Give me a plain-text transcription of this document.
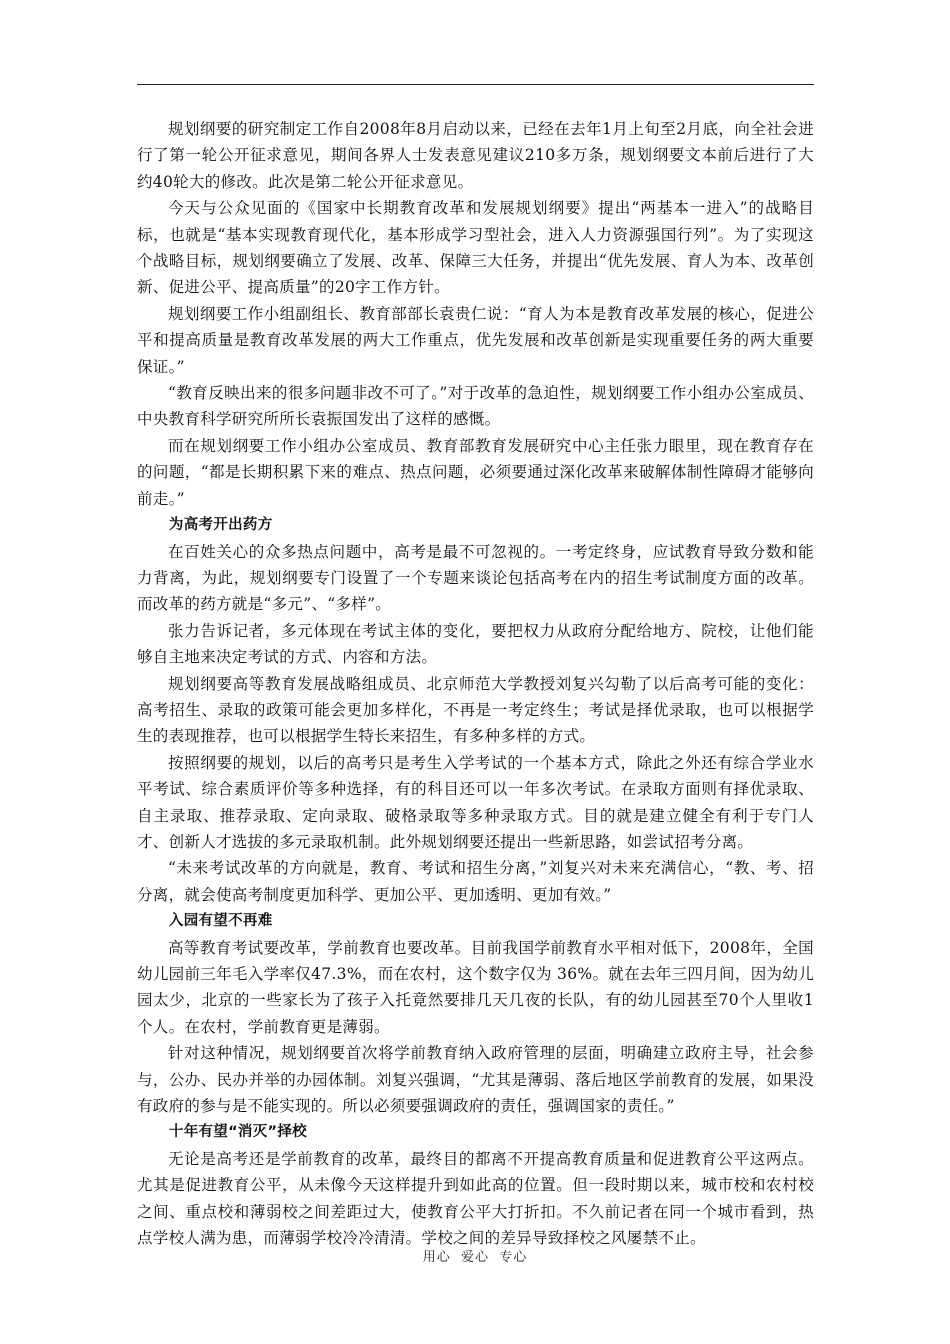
规划纲要的研究制定工作自2008年8月启动以来，已经在去年1月上旬至2月底，向全社会进行了第一轮公开征求意见，期间各界人士发表意见建议210多万条，规划纲要文本前后进行了大约40轮大的修改。此次是第二轮公开征求意见。

今天与公众见面的《国家中长期教育改革和发展规划纲要》提出“两基本一进入”的战略目标，也就是“基本实现教育现代化，基本形成学习型社会，进入人力资源强国行列”。为了实现这个战略目标，规划纲要确立了发展、改革、保障三大任务，并提出“优先发展、育人为本、改革创新、促进公平、提高质量”的20字工作方针。

规划纲要工作小组副组长、教育部部长袁贵仁说：“育人为本是教育改革发展的核心，促进公平和提高质量是教育改革发展的两大工作重点，优先发展和改革创新是实现重要任务的两大重要保证。”

“教育反映出来的很多问题非改不可了。”对于改革的急迫性，规划纲要工作小组办公室成员、中央教育科学研究所所长袁振国发出了这样的感慨。

而在规划纲要工作小组办公室成员、教育部教育发展研究中心主任张力眼里，现在教育存在的问题，“都是长期积累下来的难点、热点问题，必须要通过深化改革来破解体制性障碍才能够向前走。”

为高考开出药方

在百姓关心的众多热点问题中，高考是最不可忽视的。一考定终身，应试教育导致分数和能力背离，为此，规划纲要专门设置了一个专题来谈论包括高考在内的招生考试制度方面的改革。而改革的药方就是“多元”、“多样”。

张力告诉记者，多元体现在考试主体的变化，要把权力从政府分配给地方、院校，让他们能够自主地来决定考试的方式、内容和方法。

规划纲要高等教育发展战略组成员、北京师范大学教授刘复兴勾勒了以后高考可能的变化：高考招生、录取的政策可能会更加多样化，不再是一考定终生；考试是择优录取，也可以根据学生的表现推荐，也可以根据学生特长来招生，有多种多样的方式。

按照纲要的规划，以后的高考只是考生入学考试的一个基本方式，除此之外还有综合学业水平考试、综合素质评价等多种选择，有的科目还可以一年多次考试。在录取方面则有择优录取、自主录取、推荐录取、定向录取、破格录取等多种录取方式。目的就是建立健全有利于专门人才、创新人才选拔的多元录取机制。此外规划纲要还提出一些新思路，如尝试招考分离。

“未来考试改革的方向就是，教育、考试和招生分离，”刘复兴对未来充满信心，“教、考、招分离，就会使高考制度更加科学、更加公平、更加透明、更加有效。”

入园有望不再难

高等教育考试要改革，学前教育也要改革。目前我国学前教育水平相对低下，2008年，全国幼儿园前三年毛入学率仅47.3%，而在农村，这个数字仅为 36%。就在去年三四月间，因为幼儿园太少，北京的一些家长为了孩子入托竟然要排几天几夜的长队，有的幼儿园甚至70个人里收1个人。在农村，学前教育更是薄弱。

针对这种情况，规划纲要首次将学前教育纳入政府管理的层面，明确建立政府主导，社会参与，公办、民办并举的办园体制。刘复兴强调，“尤其是薄弱、落后地区学前教育的发展，如果没有政府的参与是不能实现的。所以必须要强调政府的责任，强调国家的责任。”

十年有望“消灭”择校

无论是高考还是学前教育的改革，最终目的都离不开提高教育质量和促进教育公平这两点。尤其是促进教育公平，从未像今天这样提升到如此高的位置。但一段时期以来，城市校和农村校之间、重点校和薄弱校之间差距过大，使教育公平大打折扣。不久前记者在同一个城市看到，热点学校人满为患，而薄弱学校冷冷清清。学校之间的差异导致择校之风屡禁不止。

用心  爱心  专心
